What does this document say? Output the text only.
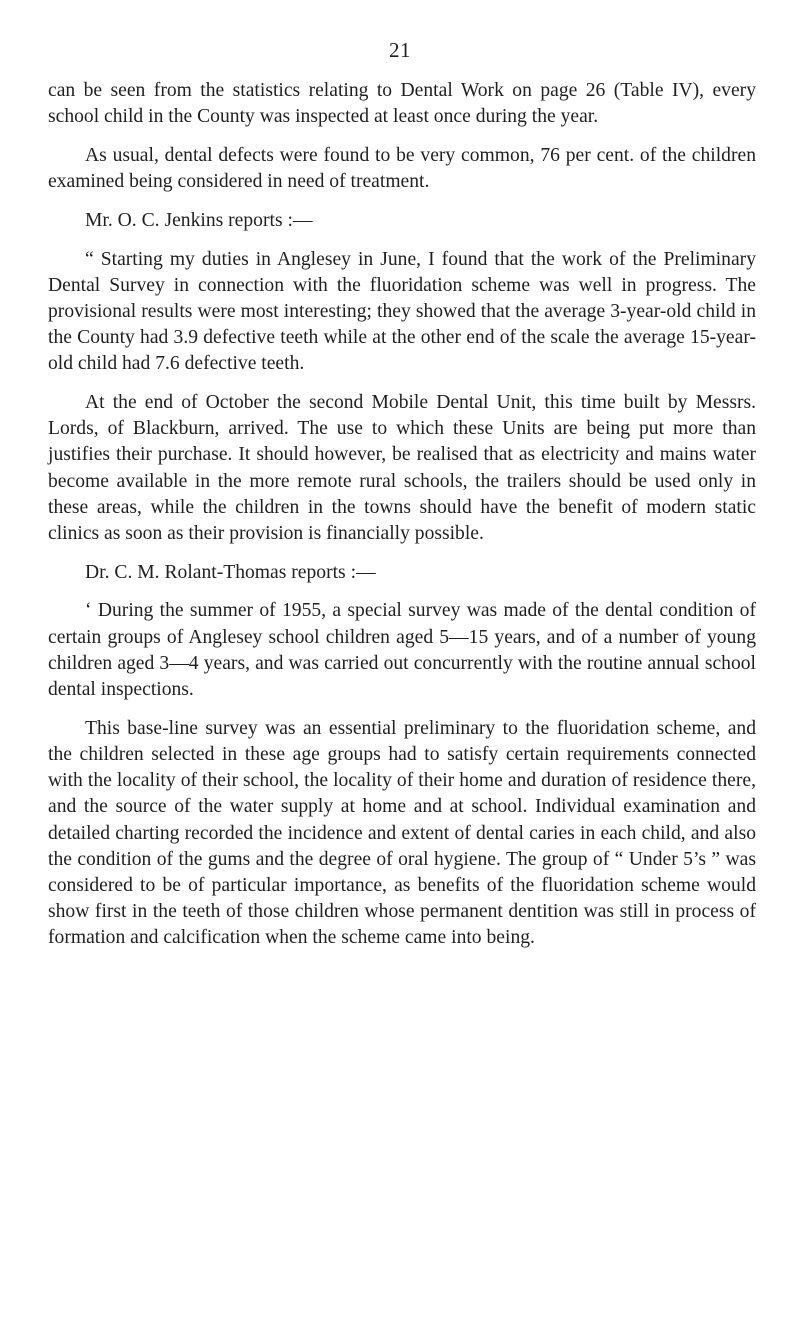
21

can be seen from the statistics relating to Dental Work on page 26 (Table IV), every school child in the County was inspected at least once during the year.

As usual, dental defects were found to be very common, 76 per cent. of the children examined being considered in need of treatment.

Mr. O. C. Jenkins reports :—

“ Starting my duties in Anglesey in June, I found that the work of the Preliminary Dental Survey in connection with the fluoridation scheme was well in progress. The provisional results were most interesting; they showed that the average 3-year-old child in the County had 3.9 defective teeth while at the other end of the scale the average 15-year-old child had 7.6 defective teeth.

At the end of October the second Mobile Dental Unit, this time built by Messrs. Lords, of Blackburn, arrived. The use to which these Units are being put more than justifies their purchase. It should however, be realised that as electricity and mains water become available in the more remote rural schools, the trailers should be used only in these areas, while the children in the towns should have the benefit of modern static clinics as soon as their provision is financially possible.

Dr. C. M. Rolant-Thomas reports :—

‘ During the summer of 1955, a special survey was made of the dental condition of certain groups of Anglesey school children aged 5—15 years, and of a number of young children aged 3—4 years, and was carried out concurrently with the routine annual school dental inspections.

This base-line survey was an essential preliminary to the fluoridation scheme, and the children selected in these age groups had to satisfy certain requirements connected with the locality of their school, the locality of their home and duration of residence there, and the source of the water supply at home and at school. Individual examination and detailed charting recorded the incidence and extent of dental caries in each child, and also the condition of the gums and the degree of oral hygiene. The group of “ Under 5’s ” was considered to be of particular importance, as benefits of the fluoridation scheme would show first in the teeth of those children whose permanent dentition was still in process of formation and calcification when the scheme came into being.
